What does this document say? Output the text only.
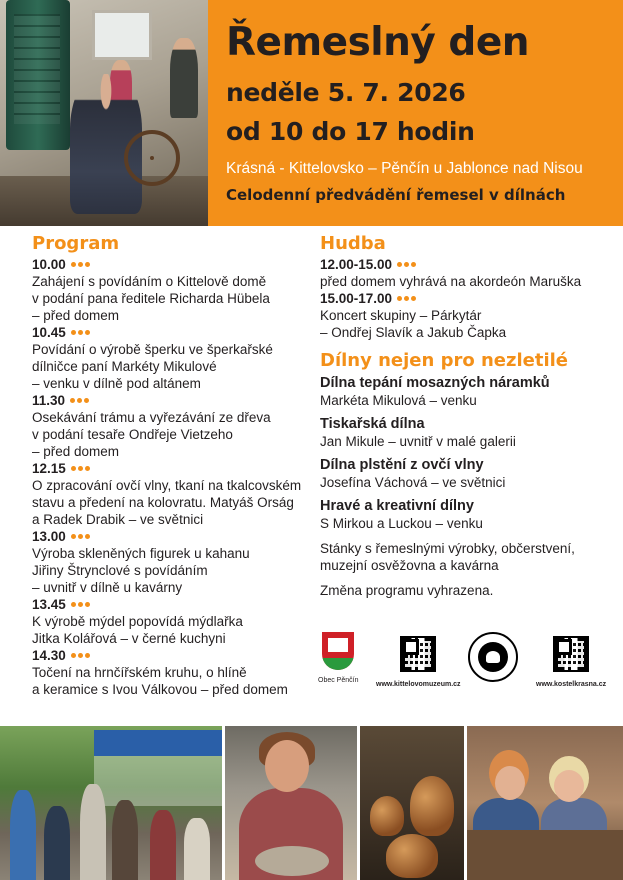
Řemeslný den
neděle 5. 7. 2026
od 10 do 17 hodin
Krásná - Kittelovsko – Pěnčín u Jablonce nad Nisou
Celodenní předvádění řemesel v dílnách
Program
10.00
Zahájení s povídáním o Kittelově domě
v podání pana ředitele Richarda Hübela
– před domem
10.45
Povídání o výrobě šperku ve šperkařské
dílničce paní Markéty Mikulové
– venku v dílně pod altánem
11.30
Osekávání trámu a vyřezávání ze dřeva
v podání tesaře Ondřeje Vietzeho
– před domem
12.15
O zpracování ovčí vlny, tkaní na tkalcovském
stavu a předení na kolovratu. Matyáš Orság
a Radek Drabik – ve světnici
13.00
Výroba skleněných figurek u kahanu
Jiřiny Štrynclové s povídáním
– uvnitř v dílně u kavárny
13.45
K výrobě mýdel popovídá mýdlařka
Jitka Kolářová – v černé kuchyni
14.30
Točení na hrnčířském kruhu, o hlíně
a keramice s Ivou Válkovou – před domem
Hudba
12.00-15.00
před domem vyhrává na akordeón Maruška
15.00-17.00
Koncert skupiny – Párkytár
– Ondřej Slavík a Jakub Čapka
Dílny nejen pro nezletilé
Dílna tepání mosazných náramků
Markéta Mikulová – venku
Tiskařská dílna
Jan Mikule – uvnitř v malé galerii
Dílna plstění z ovčí vlny
Josefína Váchová – ve světnici
Hravé a kreativní dílny
S Mirkou a Luckou – venku
Stánky s řemeslnými výrobky, občerstvení,
muzejní osvěžovna a kavárna
Změna programu vyhrazena.
Obec Pěnčín
www.kittelovomuzeum.cz	www.kostelkrasna.cz
